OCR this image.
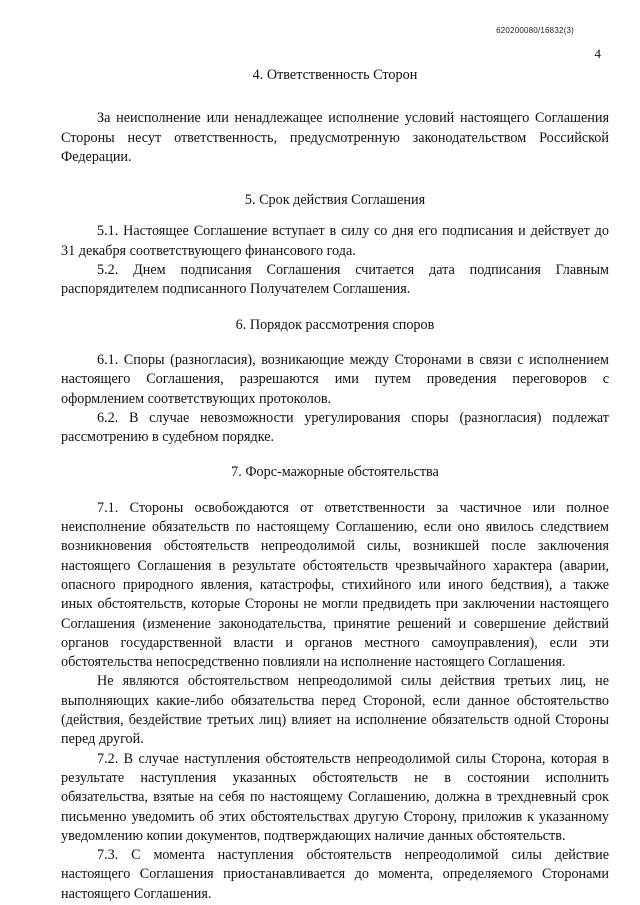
620200080/16832(3)
4
4. Ответственность Сторон

За неисполнение или ненадлежащее исполнение условий настоящего Соглашения Стороны несут ответственность, предусмотренную законодательством Российской Федерации.

5. Срок действия Соглашения

5.1. Настоящее Соглашение вступает в силу со дня его подписания и действует до 31 декабря соответствующего финансового года.

5.2. Днем подписания Соглашения считается дата подписания Главным распорядителем подписанного Получателем Соглашения.

6. Порядок рассмотрения споров

6.1. Споры (разногласия), возникающие между Сторонами в связи с исполнением настоящего Соглашения, разрешаются ими путем проведения переговоров с оформлением соответствующих протоколов.

6.2. В случае невозможности урегулирования споры (разногласия) подлежат рассмотрению в судебном порядке.

7. Форс-мажорные обстоятельства

7.1. Стороны освобождаются от ответственности за частичное или полное неисполнение обязательств по настоящему Соглашению, если оно явилось следствием возникновения обстоятельств непреодолимой силы, возникшей после заключения настоящего Соглашения в результате обстоятельств чрезвычайного характера (аварии, опасного природного явления, катастрофы, стихийного или иного бедствия), а также иных обстоятельств, которые Стороны не могли предвидеть при заключении настоящего Соглашения (изменение законодательства, принятие решений и совершение действий органов государственной власти и органов местного самоуправления), если эти обстоятельства непосредственно повлияли на исполнение настоящего Соглашения.

Не являются обстоятельством непреодолимой силы действия третьих лиц, не выполняющих какие-либо обязательства перед Стороной, если данное обстоятельство (действия, бездействие третьих лиц) влияет на исполнение обязательств одной Стороны перед другой.

7.2. В случае наступления обстоятельств непреодолимой силы Сторона, которая в результате наступления указанных обстоятельств не в состоянии исполнить обязательства, взятые на себя по настоящему Соглашению, должна в трехдневный срок письменно уведомить об этих обстоятельствах другую Сторону, приложив к указанному уведомлению копии документов, подтверждающих наличие данных обстоятельств.

7.3. С момента наступления обстоятельств непреодолимой силы действие настоящего Соглашения приостанавливается до момента, определяемого Сторонами настоящего Соглашения.
